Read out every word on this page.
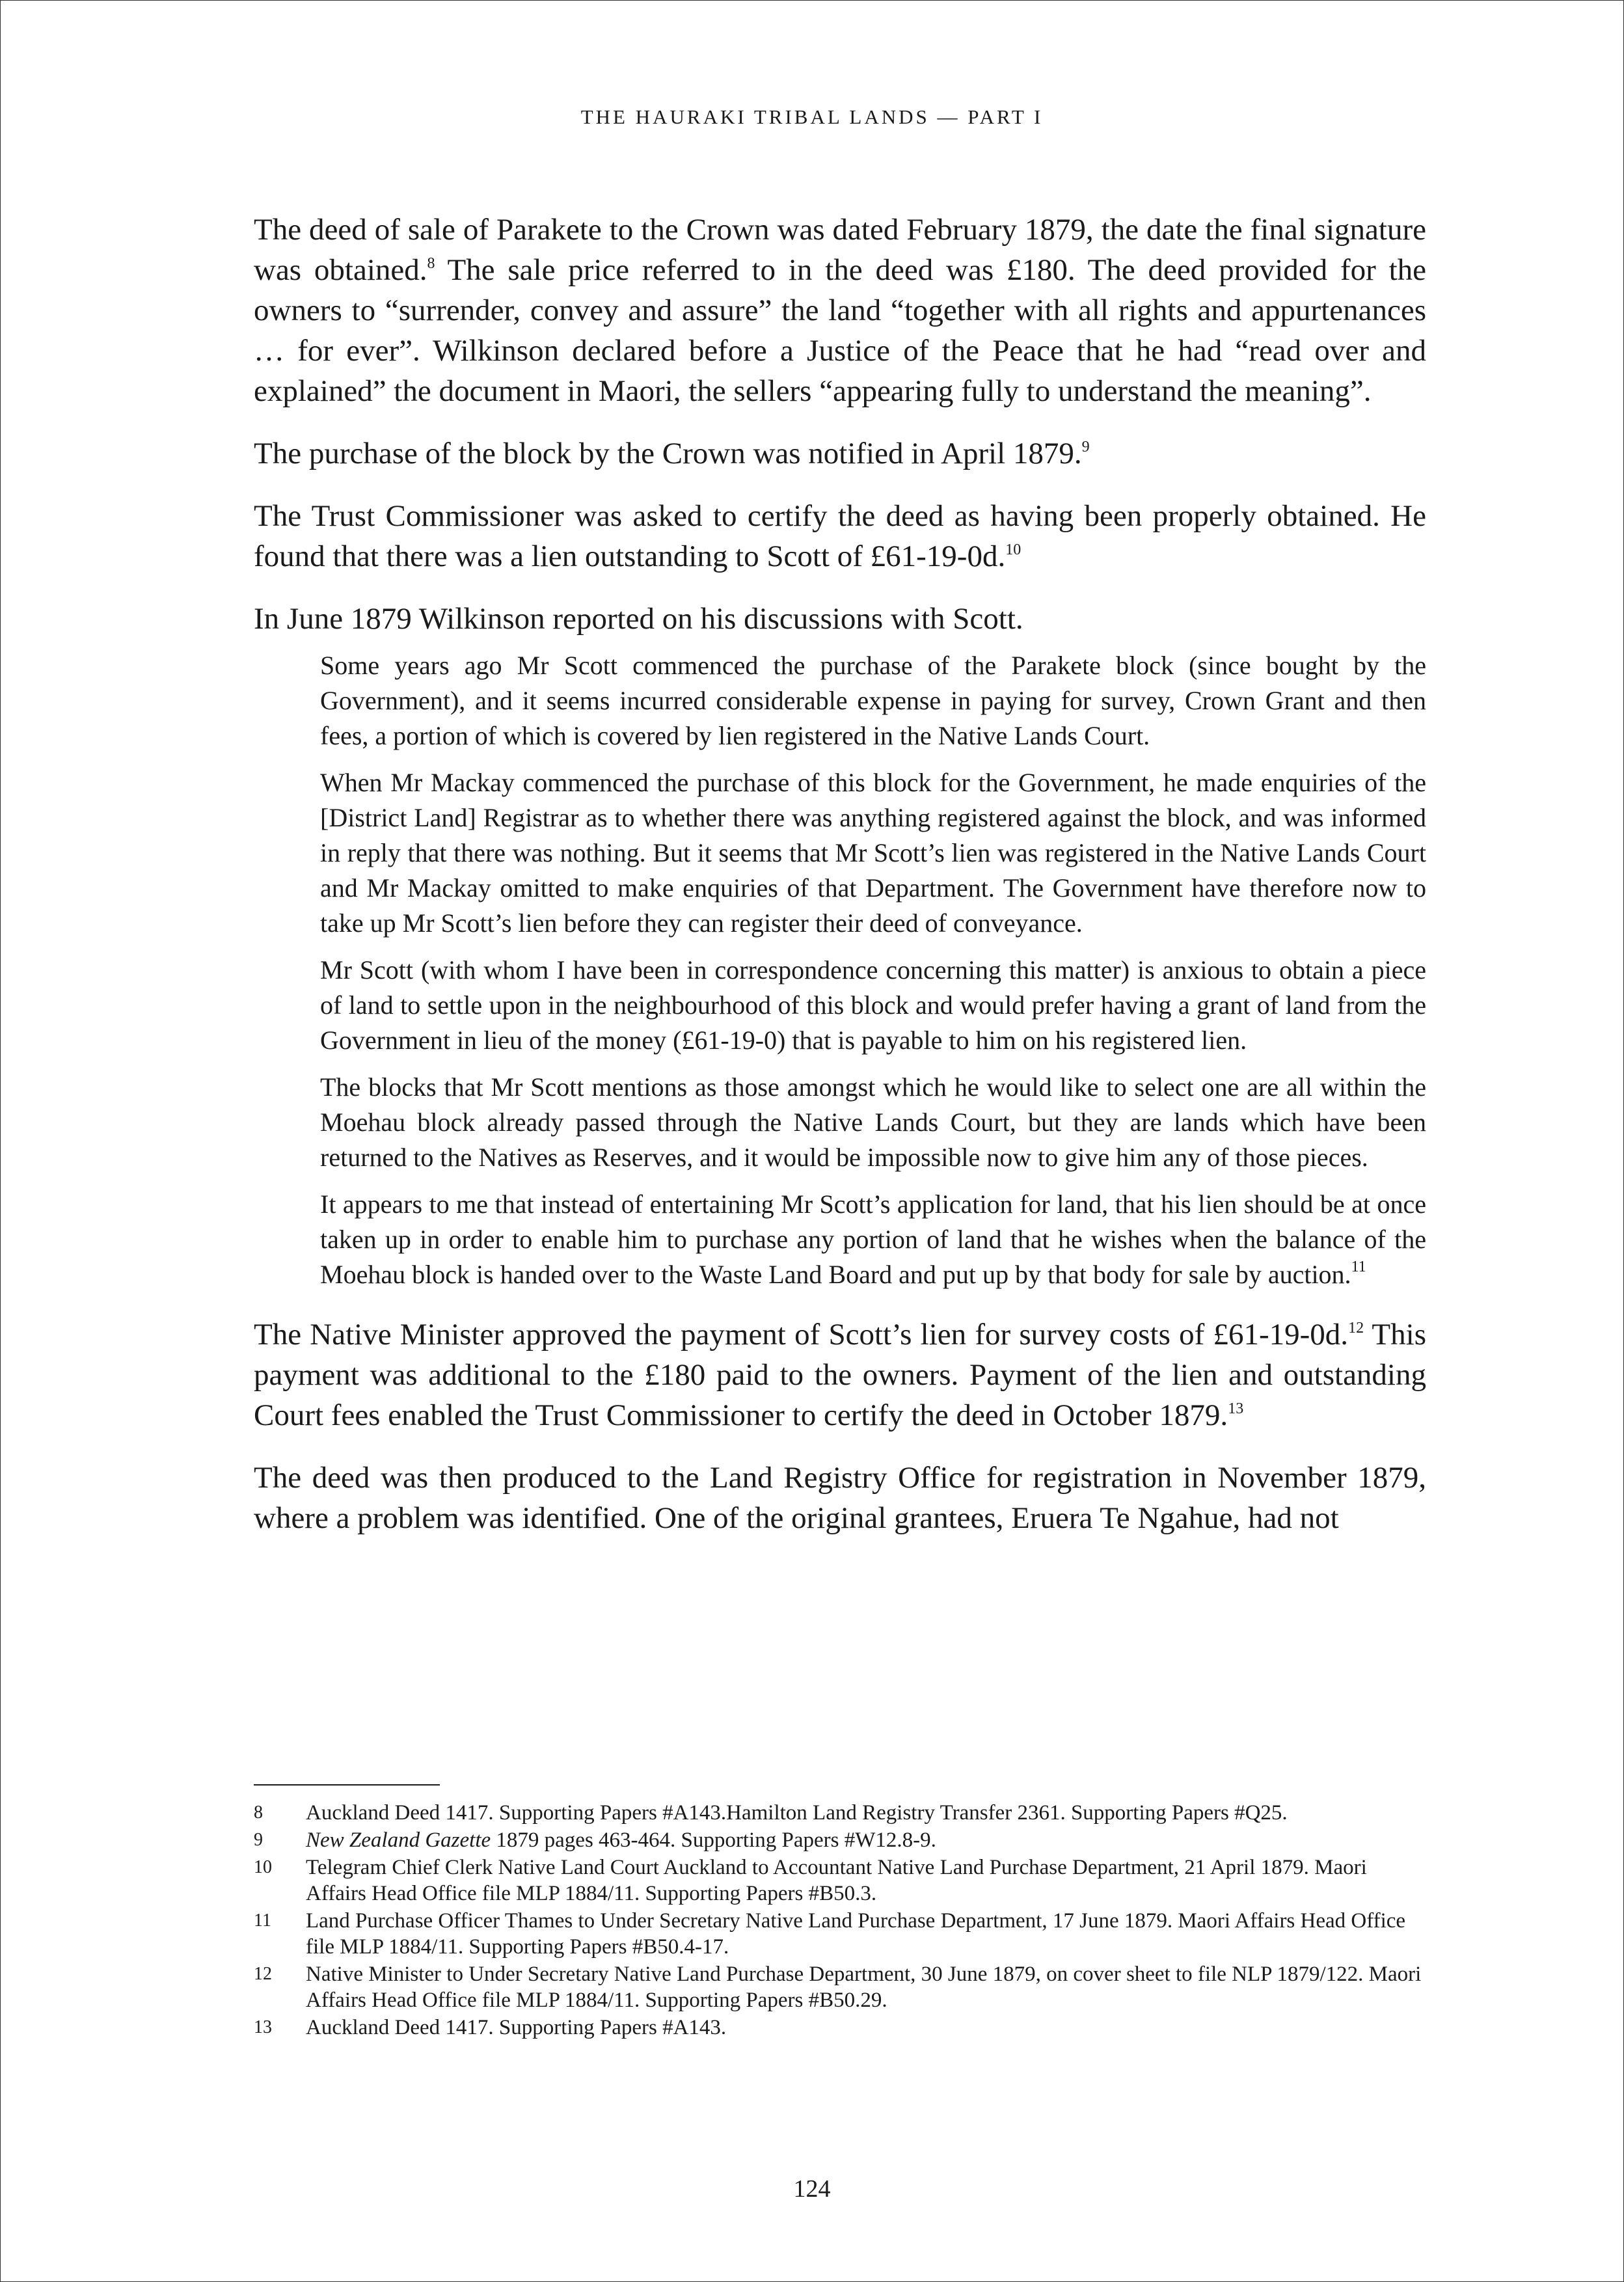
THE HAURAKI TRIBAL LANDS — PART I

The deed of sale of Parakete to the Crown was dated February 1879, the date the final signature was obtained.$^8$ The sale price referred to in the deed was £180. The deed provided for the owners to “surrender, convey and assure” the land “together with all rights and appurtenances … for ever”. Wilkinson declared before a Justice of the Peace that he had “read over and explained” the document in Maori, the sellers “appearing fully to understand the meaning”.

The purchase of the block by the Crown was notified in April 1879.$^9$

The Trust Commissioner was asked to certify the deed as having been properly obtained. He found that there was a lien outstanding to Scott of £61-19-0d.$^{10}$

In June 1879 Wilkinson reported on his discussions with Scott.

Some years ago Mr Scott commenced the purchase of the Parakete block (since bought by the Government), and it seems incurred considerable expense in paying for survey, Crown Grant and then fees, a portion of which is covered by lien registered in the Native Lands Court.

When Mr Mackay commenced the purchase of this block for the Government, he made enquiries of the [District Land] Registrar as to whether there was anything registered against the block, and was informed in reply that there was nothing. But it seems that Mr Scott’s lien was registered in the Native Lands Court and Mr Mackay omitted to make enquiries of that Department. The Government have therefore now to take up Mr Scott’s lien before they can register their deed of conveyance.

Mr Scott (with whom I have been in correspondence concerning this matter) is anxious to obtain a piece of land to settle upon in the neighbourhood of this block and would prefer having a grant of land from the Government in lieu of the money (£61-19-0) that is payable to him on his registered lien.

The blocks that Mr Scott mentions as those amongst which he would like to select one are all within the Moehau block already passed through the Native Lands Court, but they are lands which have been returned to the Natives as Reserves, and it would be impossible now to give him any of those pieces.

It appears to me that instead of entertaining Mr Scott’s application for land, that his lien should be at once taken up in order to enable him to purchase any portion of land that he wishes when the balance of the Moehau block is handed over to the Waste Land Board and put up by that body for sale by auction.$^{11}$

The Native Minister approved the payment of Scott’s lien for survey costs of £61-19-0d.$^{12}$ This payment was additional to the £180 paid to the owners. Payment of the lien and outstanding Court fees enabled the Trust Commissioner to certify the deed in October 1879.13

The deed was then produced to the Land Registry Office for registration in November 1879, where a problem was identified. One of the original grantees, Eruera Te Ngahue, had not

8	Auckland Deed 1417. Supporting Papers #A143.Hamilton Land Registry Transfer 2361. Supporting Papers #Q25.
9	New Zealand Gazette 1879 pages 463-464. Supporting Papers #W12.8-9.
10	Telegram Chief Clerk Native Land Court Auckland to Accountant Native Land Purchase Department, 21 April 1879. Maori Affairs Head Office file MLP 1884/11. Supporting Papers #B50.3.
11	Land Purchase Officer Thames to Under Secretary Native Land Purchase Department, 17 June 1879. Maori Affairs Head Office file MLP 1884/11. Supporting Papers #B50.4-17.
12	Native Minister to Under Secretary Native Land Purchase Department, 30 June 1879, on cover sheet to file NLP 1879/122. Maori Affairs Head Office file MLP 1884/11. Supporting Papers #B50.29.
13	Auckland Deed 1417. Supporting Papers #A143.
124
